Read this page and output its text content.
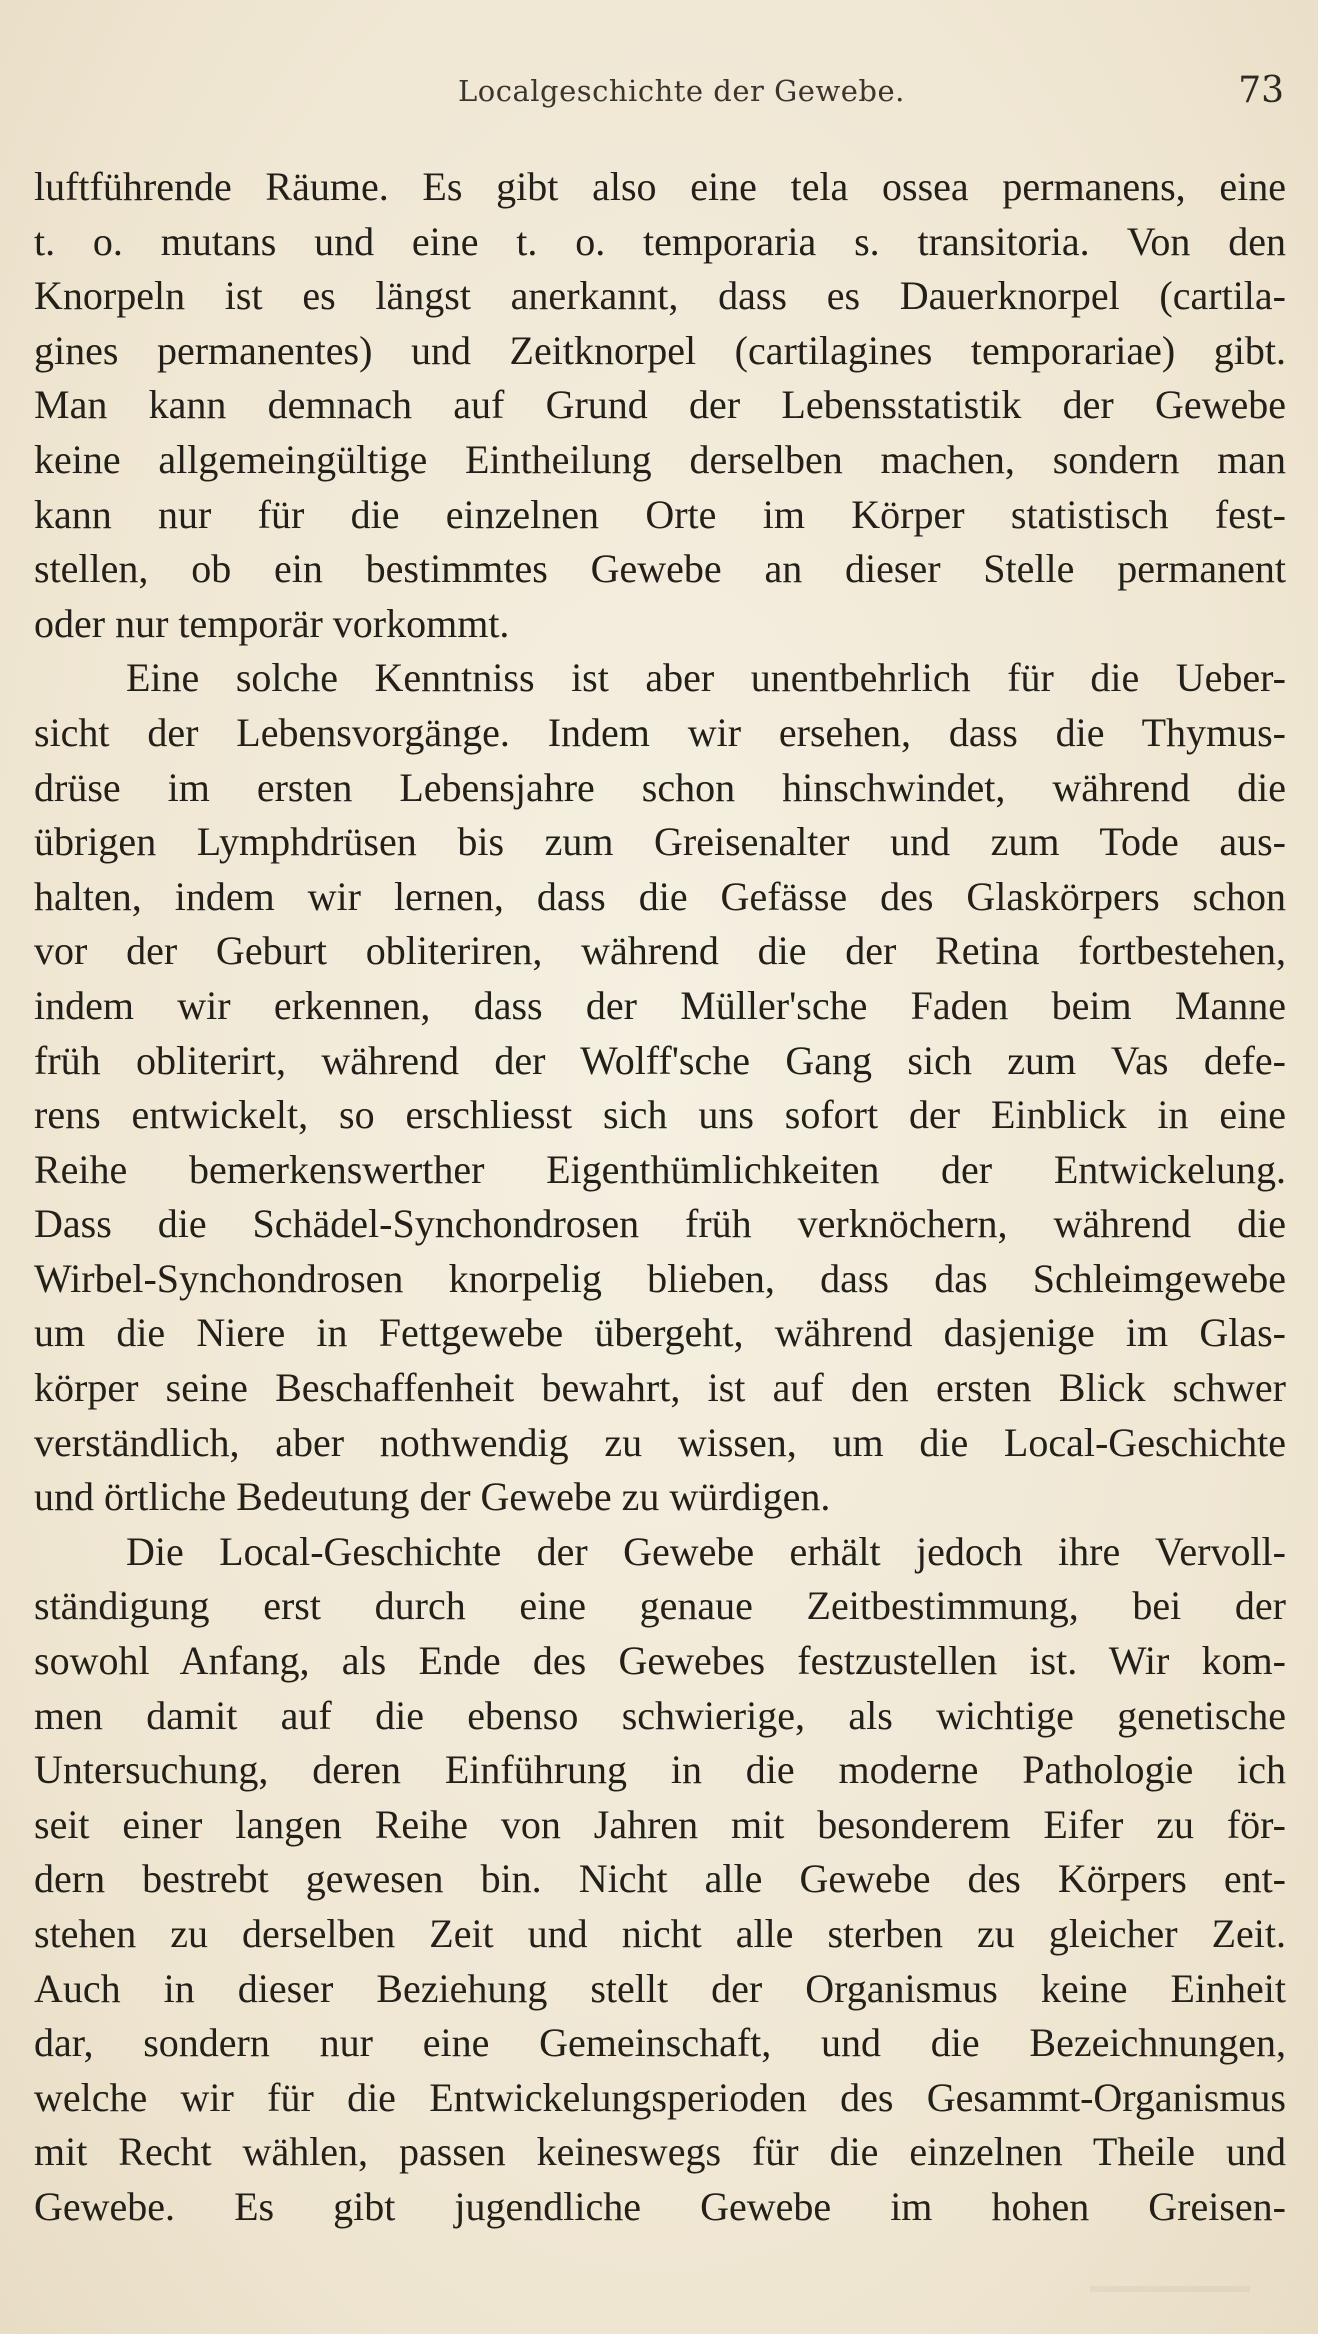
Localgeschichte der Gewebe.	73
luftführende Räume. Es gibt also eine tela ossea permanens, eine
t. o. mutans und eine t. o. temporaria s. transitoria. Von den
Knorpeln ist es längst anerkannt, dass es Dauerknorpel (cartila-
gines permanentes) und Zeitknorpel (cartilagines temporariae) gibt.
Man kann demnach auf Grund der Lebensstatistik der Gewebe
keine allgemeingültige Eintheilung derselben machen, sondern man
kann nur für die einzelnen Orte im Körper statistisch fest-
stellen, ob ein bestimmtes Gewebe an dieser Stelle permanent
oder nur temporär vorkommt.
Eine solche Kenntniss ist aber unentbehrlich für die Ueber-
sicht der Lebensvorgänge. Indem wir ersehen, dass die Thymus-
drüse im ersten Lebensjahre schon hinschwindet, während die
übrigen Lymphdrüsen bis zum Greisenalter und zum Tode aus-
halten, indem wir lernen, dass die Gefässe des Glaskörpers schon
vor der Geburt obliteriren, während die der Retina fortbestehen,
indem wir erkennen, dass der Müller'sche Faden beim Manne
früh obliterirt, während der Wolff'sche Gang sich zum Vas defe-
rens entwickelt, so erschliesst sich uns sofort der Einblick in eine
Reihe bemerkenswerther Eigenthümlichkeiten der Entwickelung.
Dass die Schädel-Synchondrosen früh verknöchern, während die
Wirbel-Synchondrosen knorpelig blieben, dass das Schleimgewebe
um die Niere in Fettgewebe übergeht, während dasjenige im Glas-
körper seine Beschaffenheit bewahrt, ist auf den ersten Blick schwer
verständlich, aber nothwendig zu wissen, um die Local-Geschichte
und örtliche Bedeutung der Gewebe zu würdigen.
Die Local-Geschichte der Gewebe erhält jedoch ihre Vervoll-
ständigung erst durch eine genaue Zeitbestimmung, bei der
sowohl Anfang, als Ende des Gewebes festzustellen ist. Wir kom-
men damit auf die ebenso schwierige, als wichtige genetische
Untersuchung, deren Einführung in die moderne Pathologie ich
seit einer langen Reihe von Jahren mit besonderem Eifer zu för-
dern bestrebt gewesen bin. Nicht alle Gewebe des Körpers ent-
stehen zu derselben Zeit und nicht alle sterben zu gleicher Zeit.
Auch in dieser Beziehung stellt der Organismus keine Einheit
dar, sondern nur eine Gemeinschaft, und die Bezeichnungen,
welche wir für die Entwickelungsperioden des Gesammt-Organismus
mit Recht wählen, passen keineswegs für die einzelnen Theile und
Gewebe. Es gibt jugendliche Gewebe im hohen Greisen-
